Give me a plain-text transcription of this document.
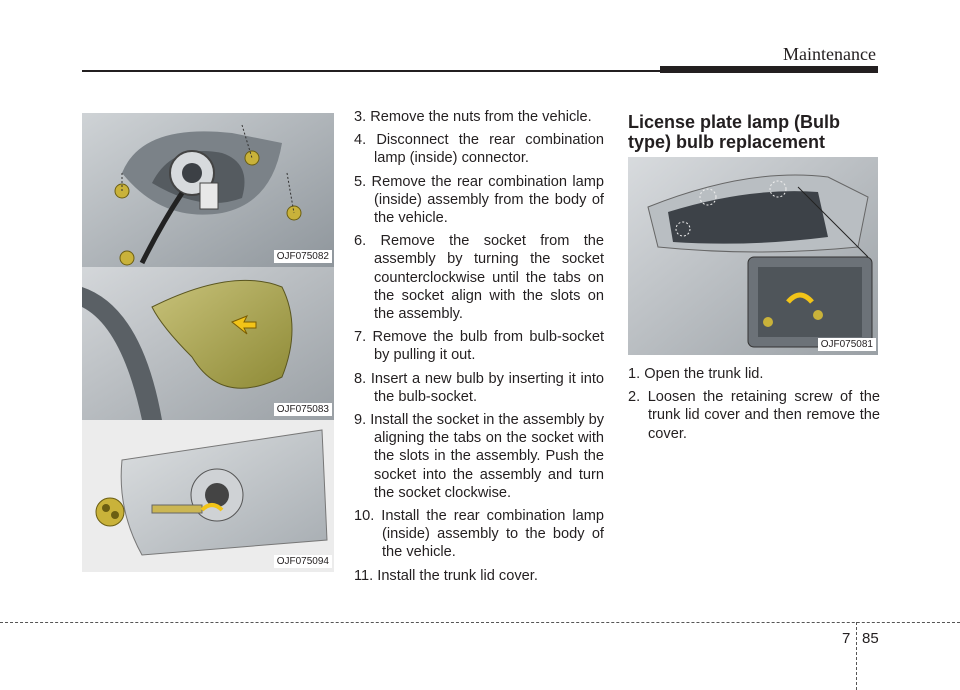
Maintenance
OJF075082
OJF075083
OJF075094

3. Remove the nuts from the vehicle.

4. Disconnect the rear combination lamp (inside) connector.

5. Remove the rear combination lamp (inside) assembly from the body of the vehicle.

6. Remove the socket from the assembly by turning the socket counterclockwise until the tabs on the socket align with the slots on the assembly.

7. Remove the bulb from bulb-socket by pulling it out.

8. Insert a new bulb by inserting it into the bulb-socket.

9. Install the socket in the assembly by aligning the tabs on the socket with the slots in the assembly. Push the socket into the assembly and turn the socket clockwise.

10. Install the rear combination lamp (inside) assembly to the body of the vehicle.

11. Install the trunk lid cover.

License plate lamp (Bulb type) bulb replacement
OJF075081

1. Open the trunk lid.

2. Loosen the retaining screw of the trunk lid cover and then remove the cover.

7 85
